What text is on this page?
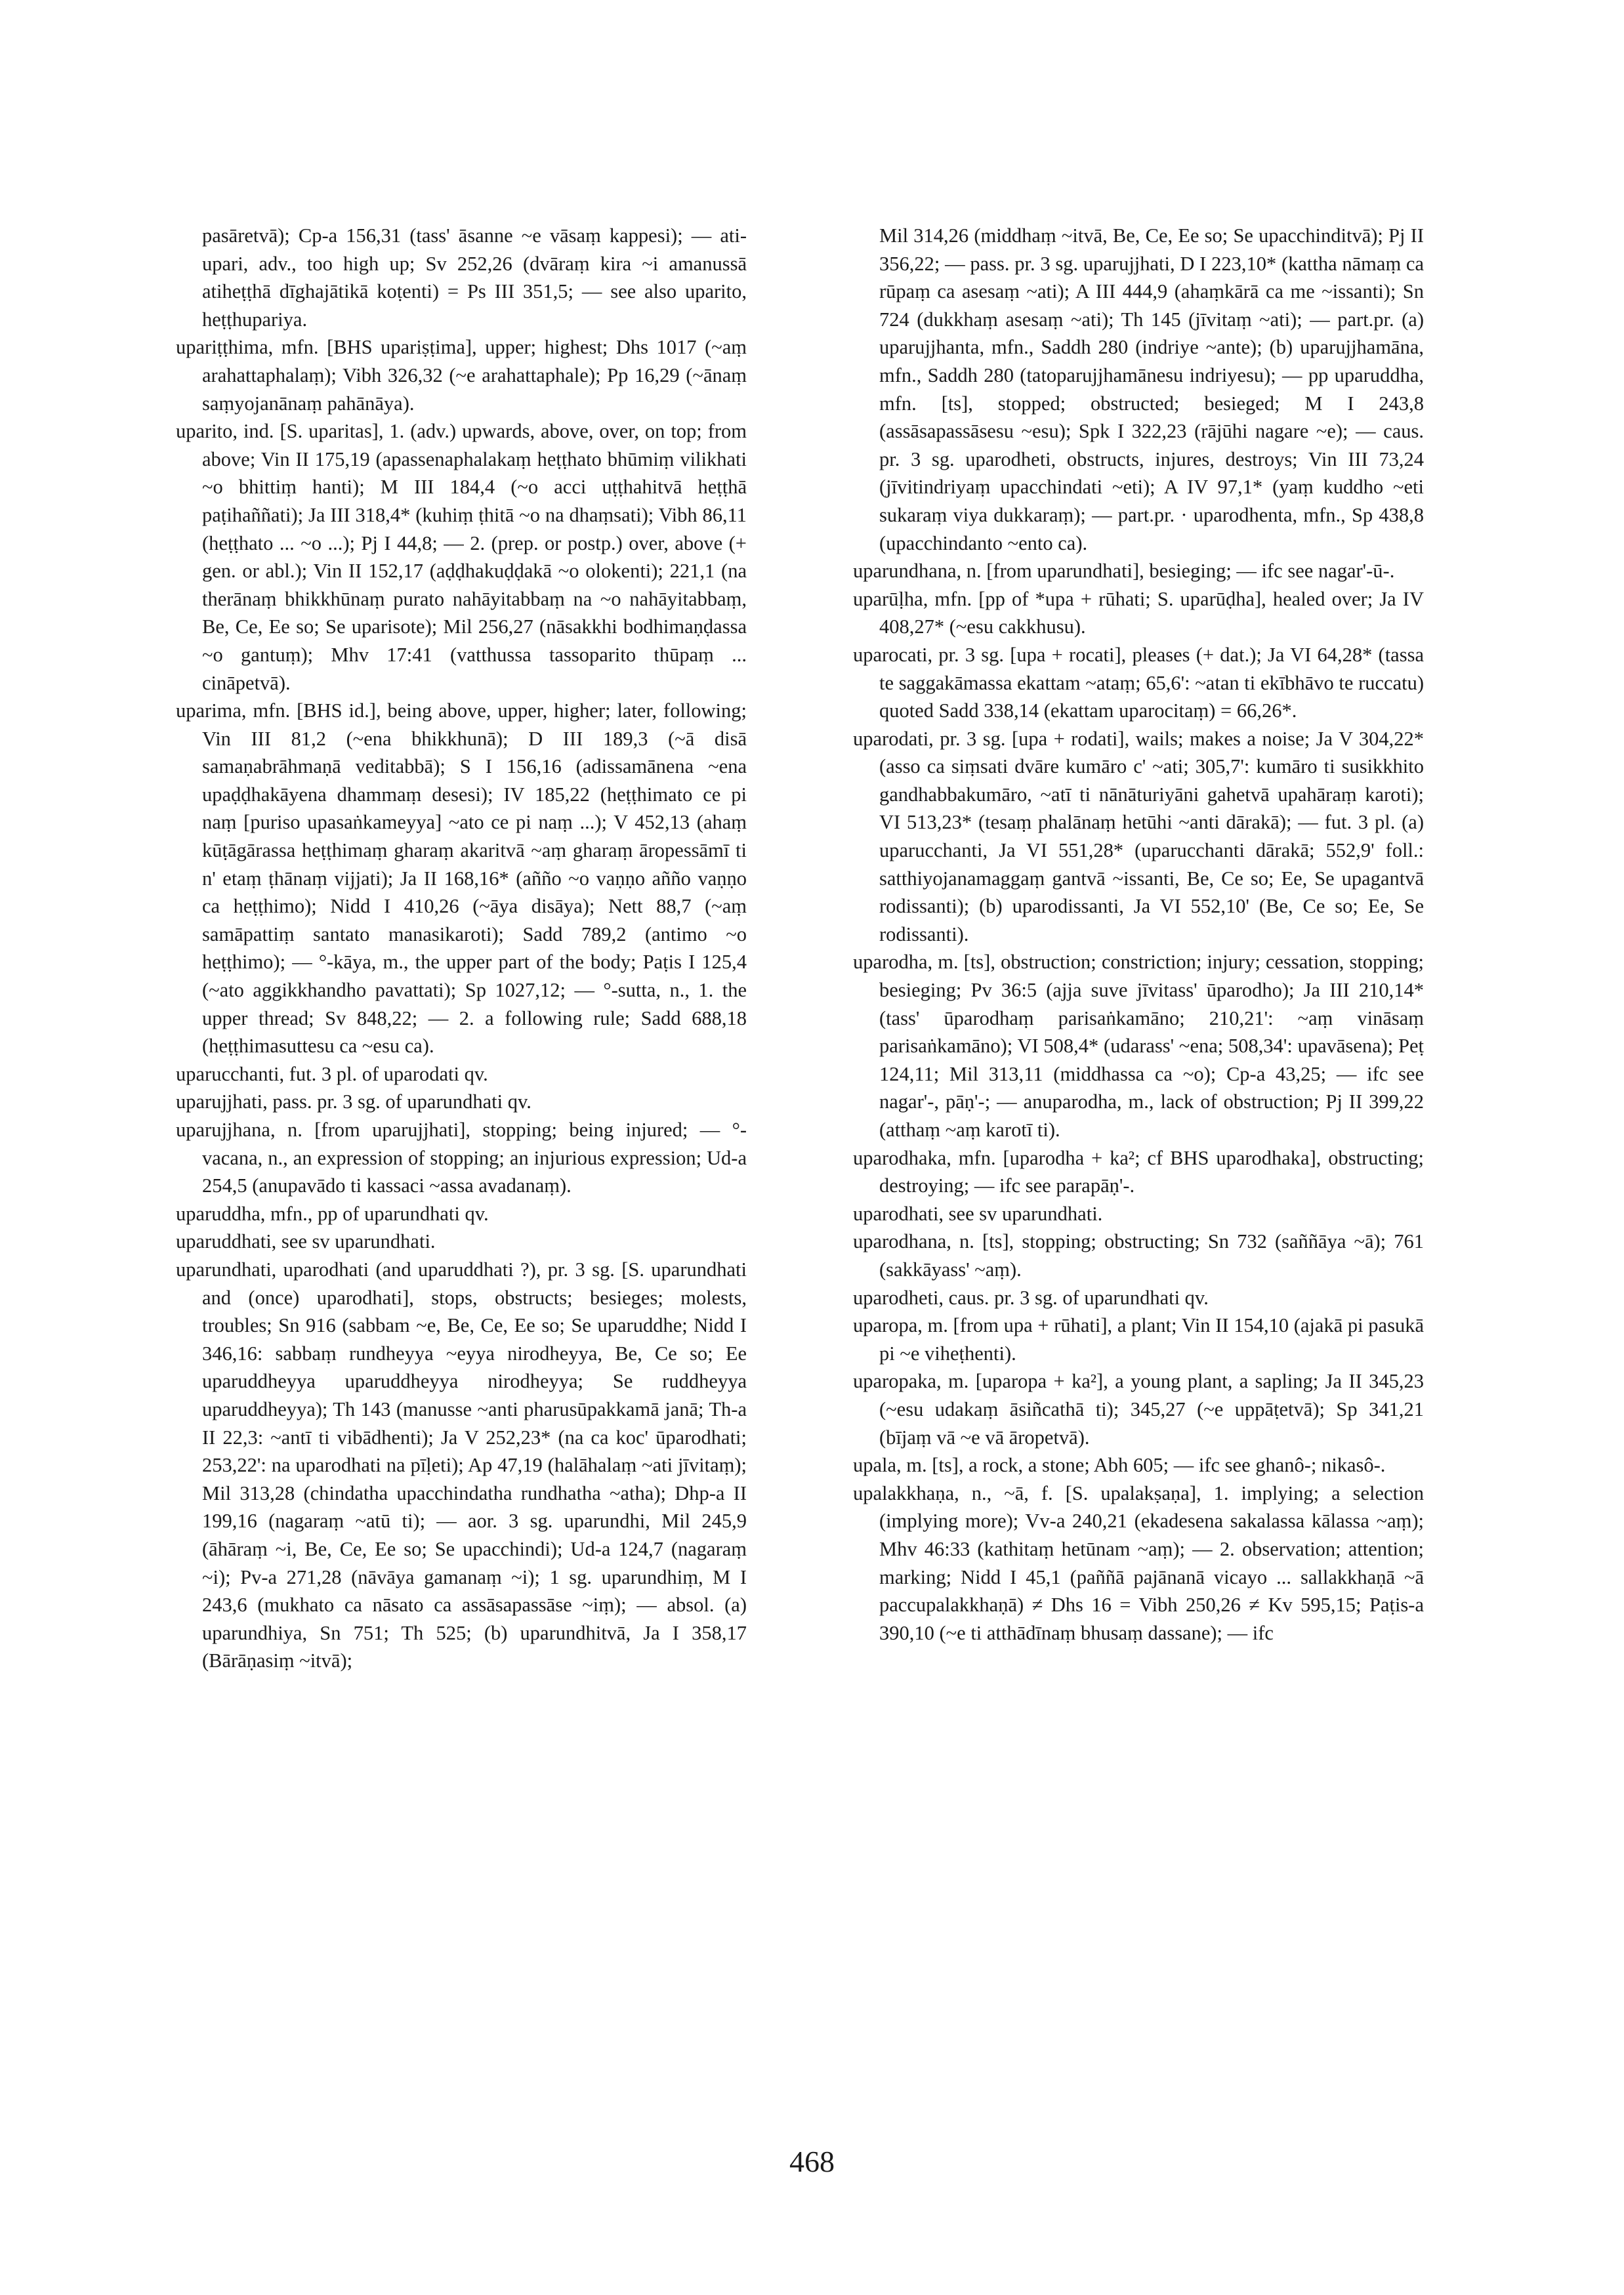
pasāretvā); Cp-a 156,31 (tass' āsanne ~e vāsaṃ kappesi); — ati-upari, adv., too high up; Sv 252,26 (dvāraṃ kira ~i amanussā atiheṭṭhā dīghajātikā koṭenti) = Ps III 351,5; — see also uparito, heṭṭhupariya.

upariṭṭhima, mfn. [BHS upariṣṭima], upper; highest; Dhs 1017 (~aṃ arahattaphalaṃ); Vibh 326,32 (~e arahattaphale); Pp 16,29 (~ānaṃ saṃyojanānaṃ pahānāya).

uparito, ind. [S. uparitas], 1. (adv.) upwards, above, over, on top; from above; Vin II 175,19 (apassenaphalakaṃ heṭṭhato bhūmiṃ vilikhati ~o bhittiṃ hanti); M III 184,4 (~o acci uṭṭhahitvā heṭṭhā paṭihaññati); Ja III 318,4* (kuhiṃ ṭhitā ~o na dhaṃsati); Vibh 86,11 (heṭṭhato ... ~o ...); Pj I 44,8; — 2. (prep. or postp.) over, above (+ gen. or abl.); Vin II 152,17 (aḍḍhakuḍḍakā ~o olokenti); 221,1 (na therānaṃ bhikkhūnaṃ purato nahāyitabbaṃ na ~o nahāyitabbaṃ, Be, Ce, Ee so; Se uparisote); Mil 256,27 (nāsakkhi bodhimaṇḍassa ~o gantuṃ); Mhv 17:41 (vatthussa tassoparito thūpaṃ ... cināpetvā).

uparima, mfn. [BHS id.], being above, upper, higher; later, following; Vin III 81,2 (~ena bhikkhunā); D III 189,3 (~ā disā samaṇabrāhmaṇā veditabbā); S I 156,16 (adissamānena ~ena upaḍḍhakāyena dhammaṃ desesi); IV 185,22 (heṭṭhimato ce pi naṃ [puriso upasaṅkameyya] ~ato ce pi naṃ ...); V 452,13 (ahaṃ kūṭāgārassa heṭṭhimaṃ gharaṃ akaritvā ~aṃ gharaṃ āropessāmī ti n' etaṃ ṭhānaṃ vijjati); Ja II 168,16* (añño ~o vaṇṇo añño vaṇṇo ca heṭṭhimo); Nidd I 410,26 (~āya disāya); Nett 88,7 (~aṃ samāpattiṃ santato manasikaroti); Sadd 789,2 (antimo ~o heṭṭhimo); — °-kāya, m., the upper part of the body; Paṭis I 125,4 (~ato aggikkhandho pavattati); Sp 1027,12; — °-sutta, n., 1. the upper thread; Sv 848,22; — 2. a following rule; Sadd 688,18 (heṭṭhimasuttesu ca ~esu ca).

uparucchanti, fut. 3 pl. of uparodati qv.

uparujjhati, pass. pr. 3 sg. of uparundhati qv.

uparujjhana, n. [from uparujjhati], stopping; being injured; — °-vacana, n., an expression of stopping; an injurious expression; Ud-a 254,5 (anupavādo ti kassaci ~assa avadanaṃ).

uparuddha, mfn., pp of uparundhati qv.

uparuddhati, see sv uparundhati.

uparundhati, uparodhati (and uparuddhati ?), pr. 3 sg. [S. uparundhati and (once) uparodhati], stops, obstructs; besieges; molests, troubles; Sn 916 (sabbam ~e, Be, Ce, Ee so; Se uparuddhe; Nidd I 346,16: sabbaṃ rundheyya ~eyya nirodheyya, Be, Ce so; Ee uparuddheyya uparuddheyya nirodheyya; Se ruddheyya uparuddheyya); Th 143 (manusse ~anti pharusūpakkamā janā; Th-a II 22,3: ~antī ti vibādhenti); Ja V 252,23* (na ca koc' ūparodhati; 253,22': na uparodhati na pīḷeti); Ap 47,19 (halāhalaṃ ~ati jīvitaṃ); Mil 313,28 (chindatha upacchindatha rundhatha ~atha); Dhp-a II 199,16 (nagaraṃ ~atū ti); — aor. 3 sg. uparundhi, Mil 245,9 (āhāraṃ ~i, Be, Ce, Ee so; Se upacchindi); Ud-a 124,7 (nagaraṃ ~i); Pv-a 271,28 (nāvāya gamanaṃ ~i); 1 sg. uparundhiṃ, M I 243,6 (mukhato ca nāsato ca assāsapassāse ~iṃ); — absol. (a) uparundhiya, Sn 751; Th 525; (b) uparundhitvā, Ja I 358,17 (Bārāṇasiṃ ~itvā);

Mil 314,26 (middhaṃ ~itvā, Be, Ce, Ee so; Se upacchinditvā); Pj II 356,22; — pass. pr. 3 sg. uparujjhati, D I 223,10* (kattha nāmaṃ ca rūpaṃ ca asesaṃ ~ati); A III 444,9 (ahaṃkārā ca me ~issanti); Sn 724 (dukkhaṃ asesaṃ ~ati); Th 145 (jīvitaṃ ~ati); — part.pr. (a) uparujjhanta, mfn., Saddh 280 (indriye ~ante); (b) uparujjhamāna, mfn., Saddh 280 (tatoparujjhamānesu indriyesu); — pp uparuddha, mfn. [ts], stopped; obstructed; besieged; M I 243,8 (assāsapassāsesu ~esu); Spk I 322,23 (rājūhi nagare ~e); — caus. pr. 3 sg. uparodheti, obstructs, injures, destroys; Vin III 73,24 (jīvitindriyaṃ upacchindati ~eti); A IV 97,1* (yaṃ kuddho ~eti sukaraṃ viya dukkaraṃ); — part.pr. · uparodhenta, mfn., Sp 438,8 (upacchindanto ~ento ca).

uparundhana, n. [from uparundhati], besieging; — ifc see nagar'-ū-.

uparūḷha, mfn. [pp of *upa + rūhati; S. uparūḍha], healed over; Ja IV 408,27* (~esu cakkhusu).

uparocati, pr. 3 sg. [upa + rocati], pleases (+ dat.); Ja VI 64,28* (tassa te saggakāmassa ekattam ~ataṃ; 65,6': ~atan ti ekībhāvo te ruccatu) quoted Sadd 338,14 (ekattam uparocitaṃ) = 66,26*.

uparodati, pr. 3 sg. [upa + rodati], wails; makes a noise; Ja V 304,22* (asso ca siṃsati dvāre kumāro c' ~ati; 305,7': kumāro ti susikkhito gandhabbakumāro, ~atī ti nānāturiyāni gahetvā upahāraṃ karoti); VI 513,23* (tesaṃ phalānaṃ hetūhi ~anti dārakā); — fut. 3 pl. (a) uparucchanti, Ja VI 551,28* (uparucchanti dārakā; 552,9' foll.: satthiyojanamaggaṃ gantvā ~issanti, Be, Ce so; Ee, Se upagantvā rodissanti); (b) uparodissanti, Ja VI 552,10' (Be, Ce so; Ee, Se rodissanti).

uparodha, m. [ts], obstruction; constriction; injury; cessation, stopping; besieging; Pv 36:5 (ajja suve jīvitass' ūparodho); Ja III 210,14* (tass' ūparodhaṃ parisaṅkamāno; 210,21': ~aṃ vināsaṃ parisaṅkamāno); VI 508,4* (udarass' ~ena; 508,34': upavāsena); Peṭ 124,11; Mil 313,11 (middhassa ca ~o); Cp-a 43,25; — ifc see nagar'-, pāṇ'-; — anuparodha, m., lack of obstruction; Pj II 399,22 (atthaṃ ~aṃ karotī ti).

uparodhaka, mfn. [uparodha + ka²; cf BHS uparodhaka], obstructing; destroying; — ifc see parapāṇ'-.

uparodhati, see sv uparundhati.

uparodhana, n. [ts], stopping; obstructing; Sn 732 (saññāya ~ā); 761 (sakkāyass' ~aṃ).

uparodheti, caus. pr. 3 sg. of uparundhati qv.

uparopa, m. [from upa + rūhati], a plant; Vin II 154,10 (ajakā pi pasukā pi ~e viheṭhenti).

uparopaka, m. [uparopa + ka²], a young plant, a sapling; Ja II 345,23 (~esu udakaṃ āsiñcathā ti); 345,27 (~e uppāṭetvā); Sp 341,21 (bījaṃ vā ~e vā āropetvā).

upala, m. [ts], a rock, a stone; Abh 605; — ifc see ghanô-; nikasô-.

upalakkhaṇa, n., ~ā, f. [S. upalakṣaṇa], 1. implying; a selection (implying more); Vv-a 240,21 (ekadesena sakalassa kālassa ~aṃ); Mhv 46:33 (kathitaṃ hetūnam ~aṃ); — 2. observation; attention; marking; Nidd I 45,1 (paññā pajānanā vicayo ... sallakkhaṇā ~ā paccupalakkhaṇā) ≠ Dhs 16 = Vibh 250,26 ≠ Kv 595,15; Paṭis-a 390,10 (~e ti atthādīnaṃ bhusaṃ dassane); — ifc

468
